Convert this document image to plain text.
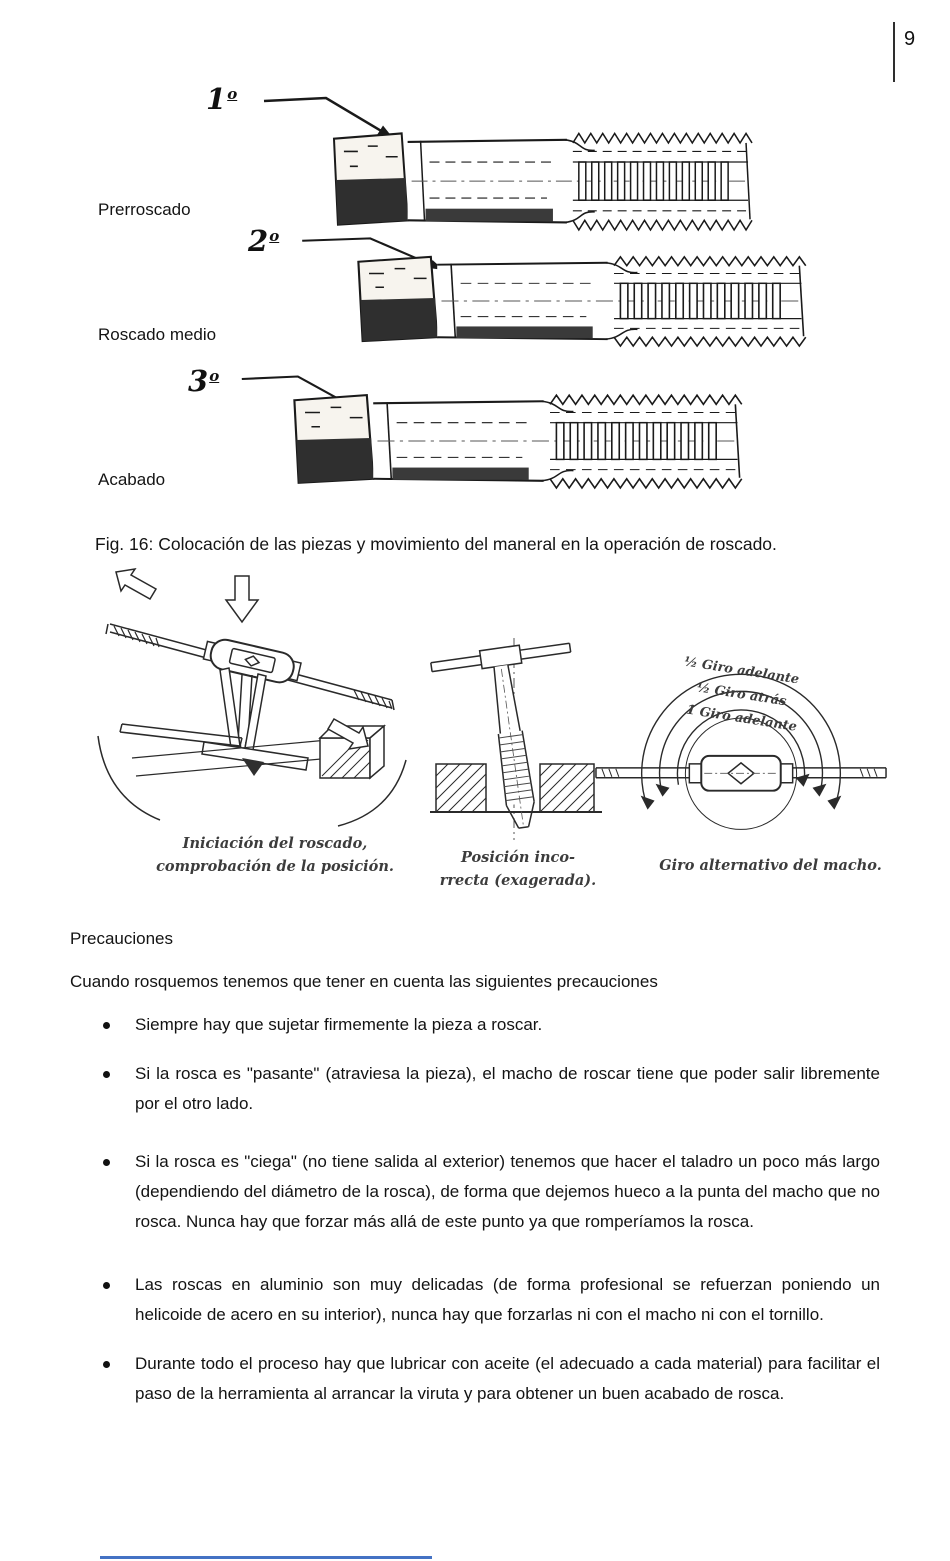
9
1o
Prerroscado
2o
Roscado medio
3o
Acabado
Fig. 16: Colocación de las piezas y movimiento del maneral en la operación de roscado.
Iniciación del roscado,
comprobación de la posición.
Posición inco-
rrecta (exagerada).
½ Giro adelante
½ Giro atrás
1 Giro adelante
Giro alternativo del macho.
Precauciones
Cuando rosquemos tenemos que tener en cuenta las siguientes precauciones
Siempre hay que sujetar firmemente la pieza a roscar.
Si la rosca es "pasante" (atraviesa la pieza), el macho de roscar tiene que poder salir libremente por el otro lado.
Si la rosca es "ciega" (no tiene salida al exterior) tenemos que hacer el taladro un poco más largo (dependiendo del diámetro de la rosca), de forma que dejemos hueco a la punta del macho que no rosca. Nunca hay que forzar más allá de este punto ya que romperíamos la rosca.
Las roscas en aluminio son muy delicadas (de forma profesional se refuerzan poniendo un helicoide de acero en su interior), nunca hay que forzarlas ni con el macho ni con el tornillo.
Durante todo el proceso hay que lubricar con aceite (el adecuado a cada material) para facilitar el paso de la herramienta al arrancar la viruta y para obtener un buen acabado de rosca.
